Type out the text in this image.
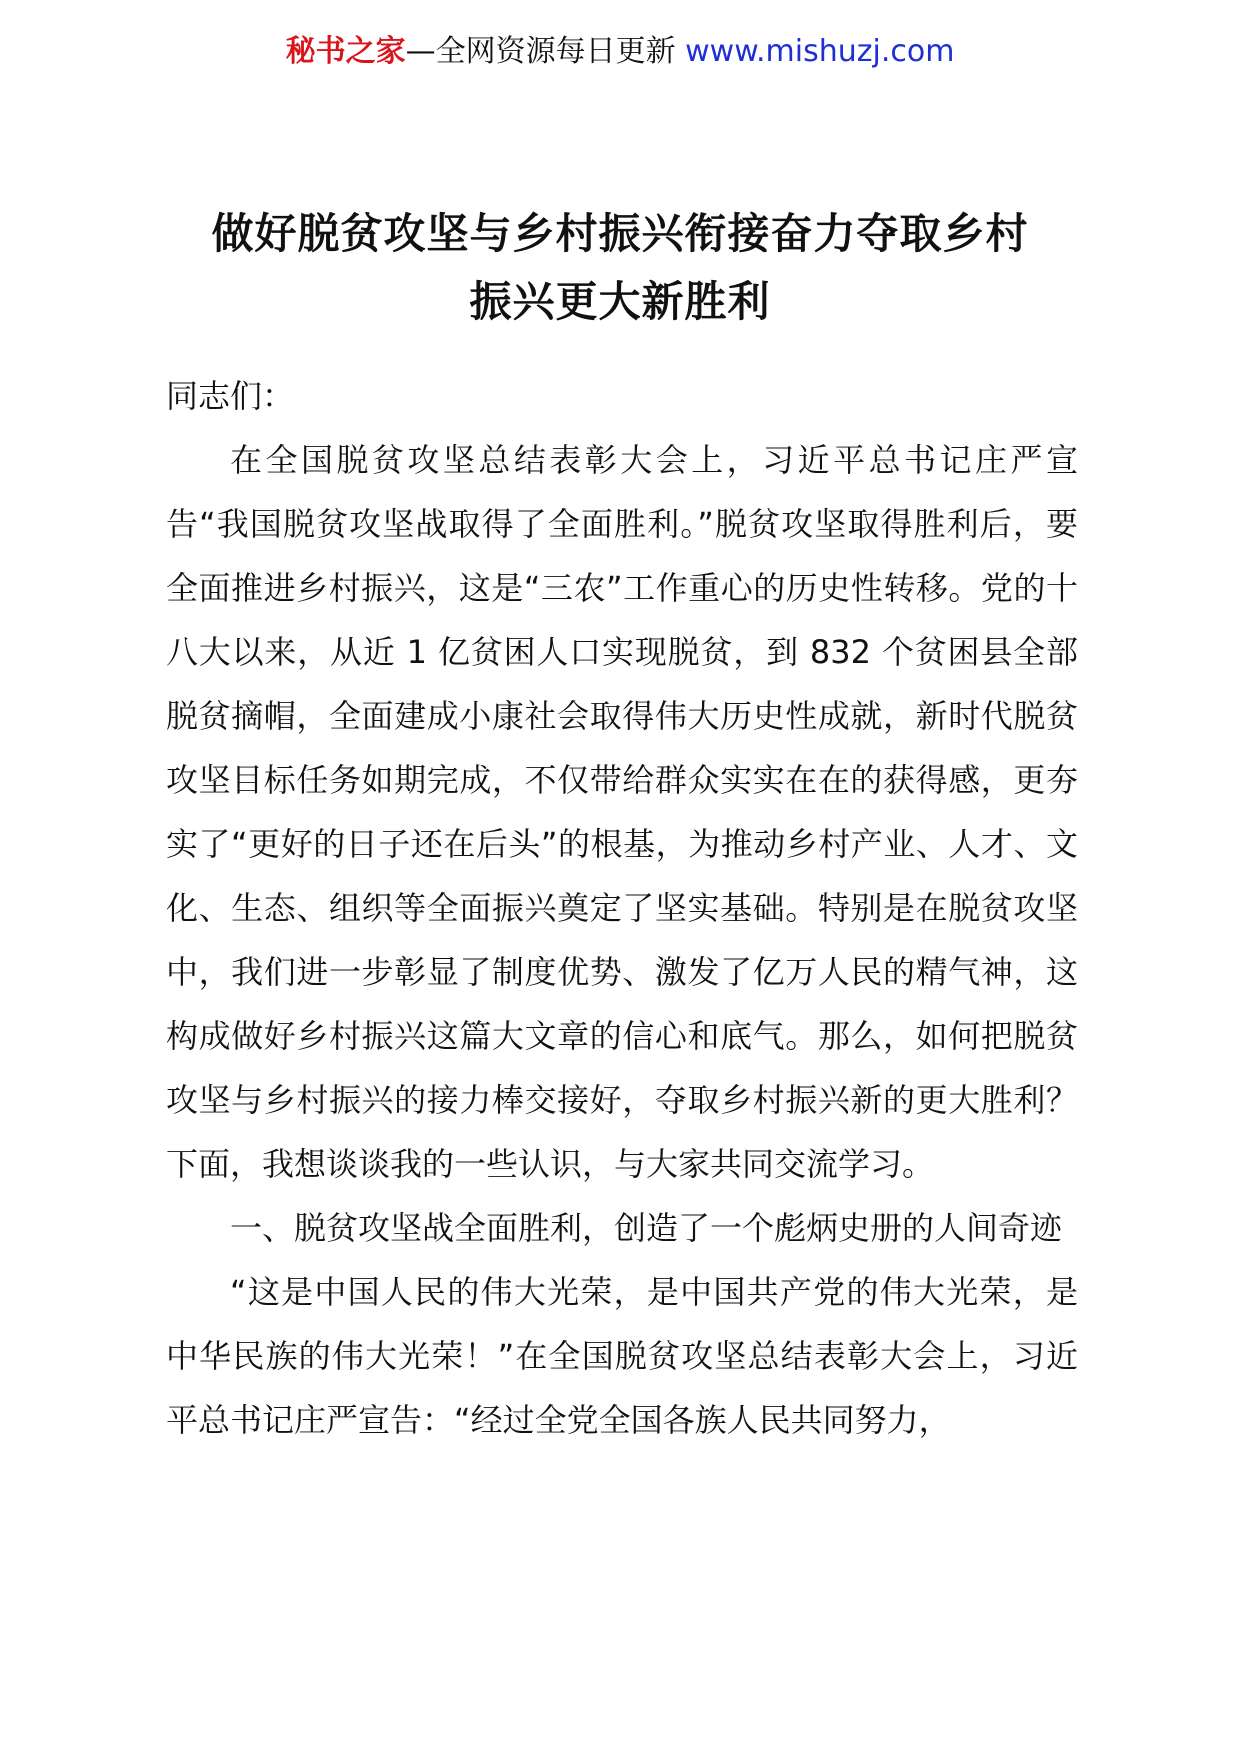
秘书之家—全网资源每日更新 www.mishuzj.com
做好脱贫攻坚与乡村振兴衔接奋力夺取乡村
振兴更大新胜利

同志们：

在全国脱贫攻坚总结表彰大会上，习近平总书记庄严宣告“我国脱贫攻坚战取得了全面胜利。”脱贫攻坚取得胜利后，要全面推进乡村振兴，这是“三农”工作重心的历史性转移。党的十八大以来，从近 1 亿贫困人口实现脱贫，到 832 个贫困县全部脱贫摘帽，全面建成小康社会取得伟大历史性成就，新时代脱贫攻坚目标任务如期完成，不仅带给群众实实在在的获得感，更夯实了“更好的日子还在后头”的根基，为推动乡村产业、人才、文化、生态、组织等全面振兴奠定了坚实基础。特别是在脱贫攻坚中，我们进一步彰显了制度优势、激发了亿万人民的精气神，这构成做好乡村振兴这篇大文章的信心和底气。那么，如何把脱贫攻坚与乡村振兴的接力棒交接好，夺取乡村振兴新的更大胜利？下面，我想谈谈我的一些认识，与大家共同交流学习。

一、脱贫攻坚战全面胜利，创造了一个彪炳史册的人间奇迹

“这是中国人民的伟大光荣，是中国共产党的伟大光荣，是中华民族的伟大光荣！”在全国脱贫攻坚总结表彰大会上，习近平总书记庄严宣告：“经过全党全国各族人民共同努力，
